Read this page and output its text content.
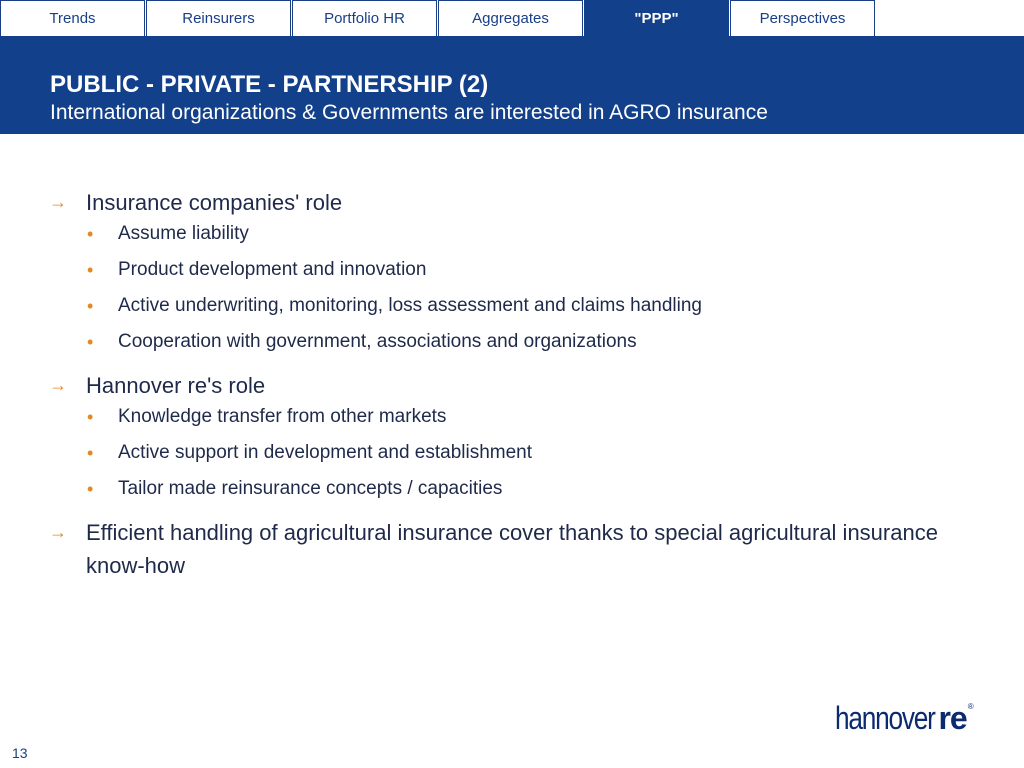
Trends	Reinsurers	Portfolio HR	Aggregates	"PPP"	Perspectives
PUBLIC - PRIVATE - PARTNERSHIP (2)
International organizations & Governments are interested in AGRO insurance
→ Insurance companies' role
• Assume liability
• Product development and innovation
• Active underwriting, monitoring, loss assessment and claims handling
• Cooperation with government, associations and organizations
→ Hannover re's role
• Knowledge transfer from other markets
• Active support in development and establishment
• Tailor made reinsurance concepts / capacities
→ Efficient handling of agricultural insurance cover thanks to special agricultural insurance know-how
13
hannover re ®
